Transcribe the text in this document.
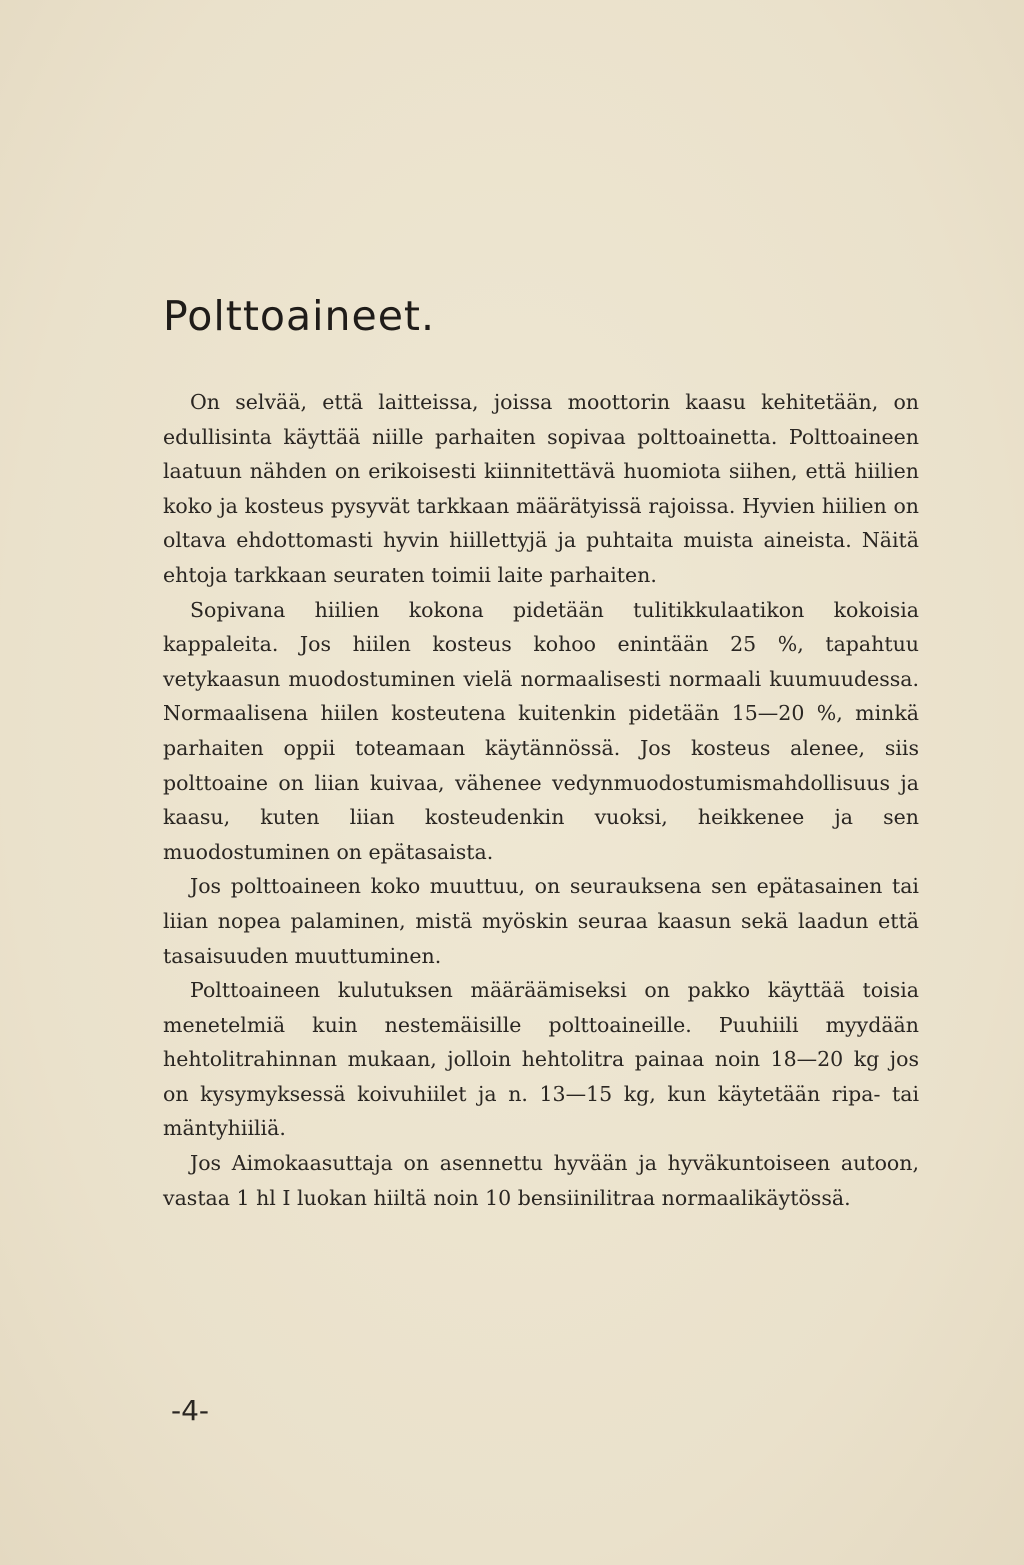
Polttoaineet.

On selvää, että laitteissa, joissa moottorin kaasu kehitetään, on edullisinta käyttää niille parhaiten sopivaa polttoainetta. Polttoaineen laatuun nähden on erikoisesti kiinnitettävä huomiota siihen, että hiilien koko ja kosteus pysyvät tarkkaan määrätyissä rajoissa. Hyvien hiilien on oltava ehdottomasti hyvin hiillettyjä ja puhtaita muista aineista. Näitä ehtoja tarkkaan seuraten toimii laite parhaiten.

Sopivana hiilien kokona pidetään tulitikkulaatikon kokoisia kappaleita. Jos hiilen kosteus kohoo enintään 25 %, tapahtuu vetykaasun muodostuminen vielä normaalisesti normaali kuumuudessa. Normaalisena hiilen kosteutena kuitenkin pidetään 15—20 %, minkä parhaiten oppii toteamaan käytännössä. Jos kosteus alenee, siis polttoaine on liian kuivaa, vähenee vedynmuodostumismahdollisuus ja kaasu, kuten liian kosteudenkin vuoksi, heikkenee ja sen muodostuminen on epätasaista.

Jos polttoaineen koko muuttuu, on seurauksena sen epätasainen tai liian nopea palaminen, mistä myöskin seuraa kaasun sekä laadun että tasaisuuden muuttuminen.

Polttoaineen kulutuksen määräämiseksi on pakko käyttää toisia menetelmiä kuin nestemäisille polttoaineille. Puuhiili myydään hehtolitrahinnan mukaan, jolloin hehtolitra painaa noin 18—20 kg jos on kysymyksessä koivuhiilet ja n. 13—15 kg, kun käytetään ripa- tai mäntyhiiliä.

Jos Aimokaasuttaja on asennettu hyvään ja hyväkuntoiseen autoon, vastaa 1 hl I luokan hiiltä noin 10 bensiinilitraa normaalikäytössä.

-4-
